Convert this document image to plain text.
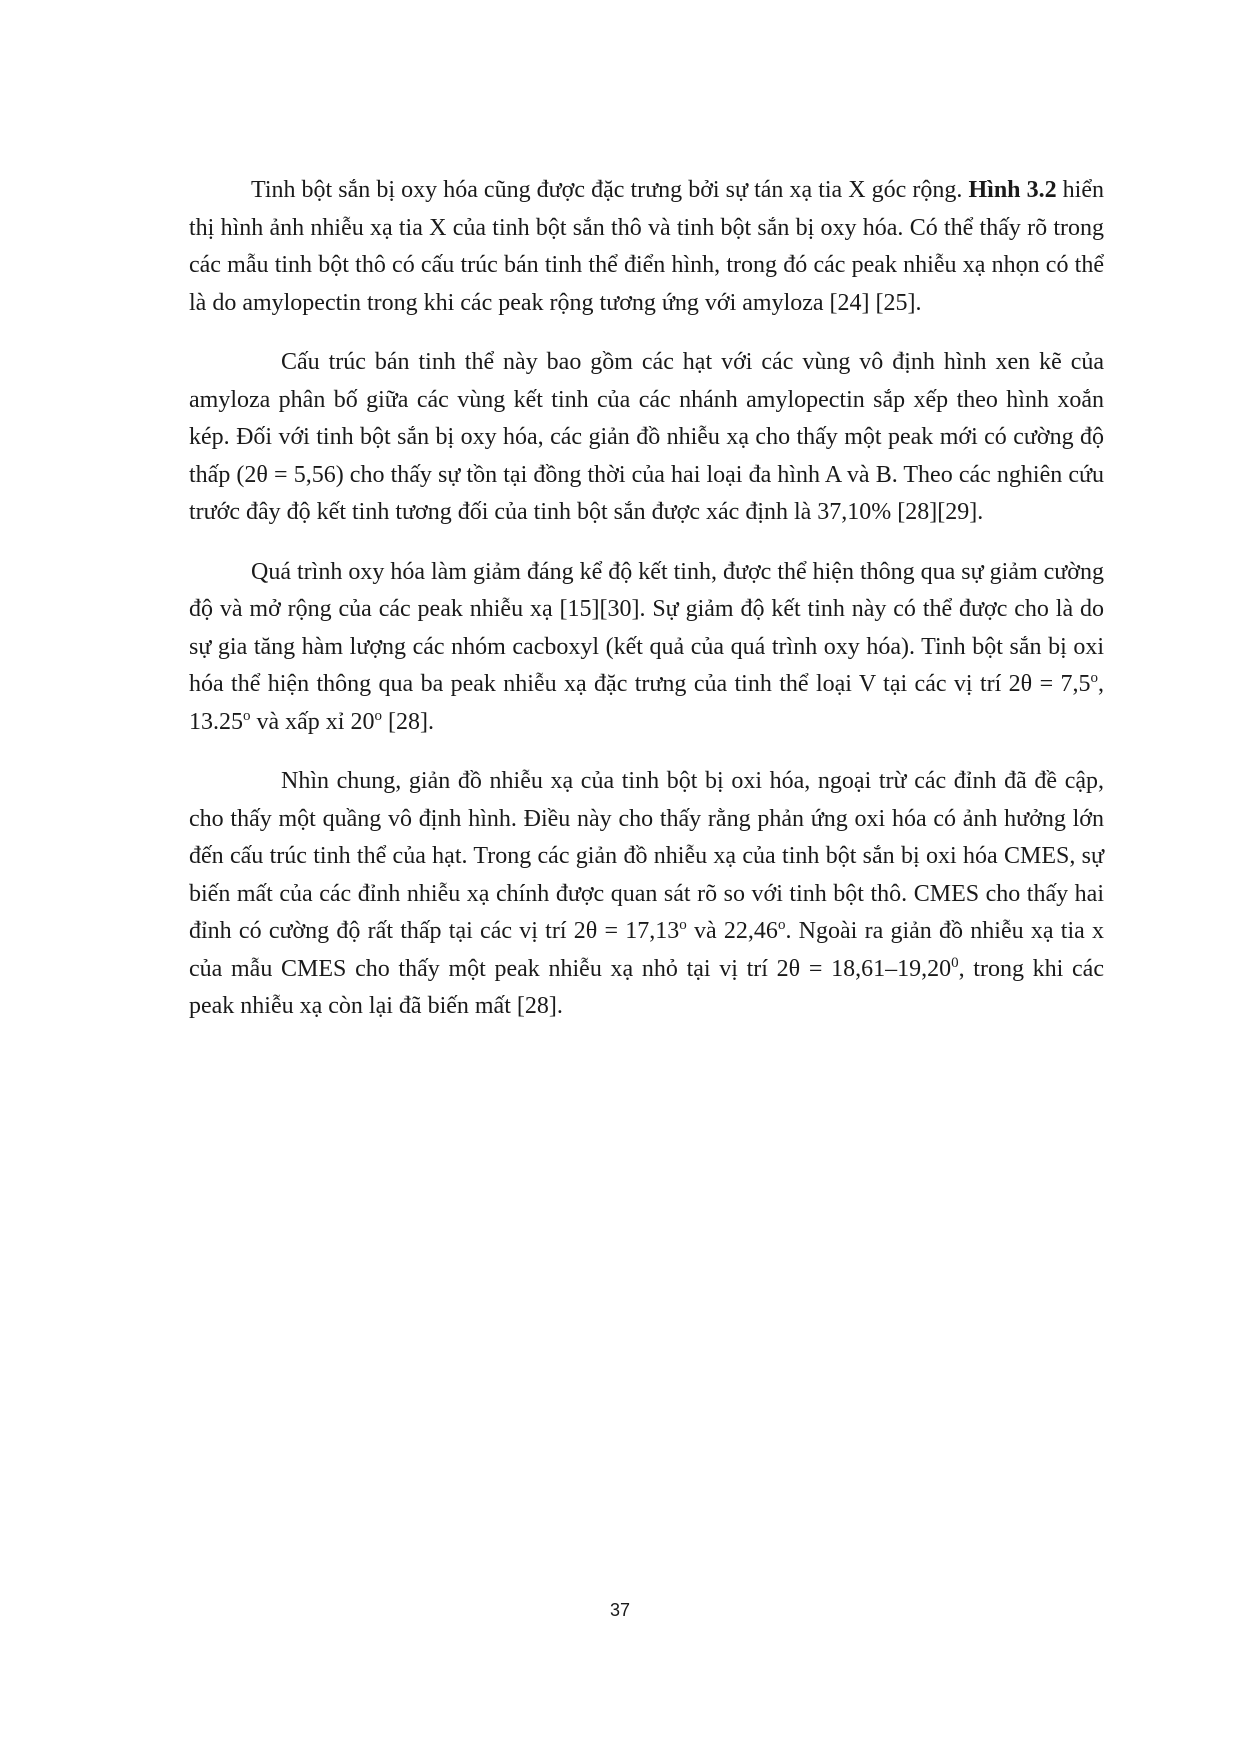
Tinh bột sắn bị oxy hóa cũng được đặc trưng bởi sự tán xạ tia X góc rộng. Hình 3.2 hiển thị hình ảnh nhiễu xạ tia X của tinh bột sắn thô và tinh bột sắn bị oxy hóa. Có thể thấy rõ trong các mẫu tinh bột thô có cấu trúc bán tinh thể điển hình, trong đó các peak nhiễu xạ nhọn có thể là do amylopectin trong khi các peak rộng tương ứng với amyloza [24] [25].

Cấu trúc bán tinh thể này bao gồm các hạt với các vùng vô định hình xen kẽ của amyloza phân bố giữa các vùng kết tinh của các nhánh amylopectin sắp xếp theo hình xoắn kép. Đối với tinh bột sắn bị oxy hóa, các giản đồ nhiễu xạ cho thấy một peak mới có cường độ thấp (2θ = 5,56) cho thấy sự tồn tại đồng thời của hai loại đa hình A và B. Theo các nghiên cứu trước đây độ kết tinh tương đối của tinh bột sắn được xác định là 37,10% [28][29].

Quá trình oxy hóa làm giảm đáng kể độ kết tinh, được thể hiện thông qua sự giảm cường độ và mở rộng của các peak nhiễu xạ [15][30]. Sự giảm độ kết tinh này có thể được cho là do sự gia tăng hàm lượng các nhóm cacboxyl (kết quả của quá trình oxy hóa). Tinh bột sắn bị oxi hóa thể hiện thông qua ba peak nhiễu xạ đặc trưng của tinh thể loại V tại các vị trí $2\theta = 7,5^o$, 13.25$^o$ và xấp xỉ 20$^o$ [28].

Nhìn chung, giản đồ nhiễu xạ của tinh bột bị oxi hóa, ngoại trừ các đỉnh đã đề cập, cho thấy một quầng vô định hình. Điều này cho thấy rằng phản ứng oxi hóa có ảnh hưởng lớn đến cấu trúc tinh thể của hạt. Trong các giản đồ nhiễu xạ của tinh bột sắn bị oxi hóa CMES, sự biến mất của các đỉnh nhiễu xạ chính được quan sát rõ so với tinh bột thô. CMES cho thấy hai đỉnh có cường độ rất thấp tại các vị trí $2\theta = 17,13^o$ và 22,46$^o$. Ngoài ra giản đồ nhiễu xạ tia x của mẫu CMES cho thấy một peak nhiễu xạ nhỏ tại vị trí $2\theta = 18,61-19,20^0$, trong khi các peak nhiễu xạ còn lại đã biến mất [28].

37
